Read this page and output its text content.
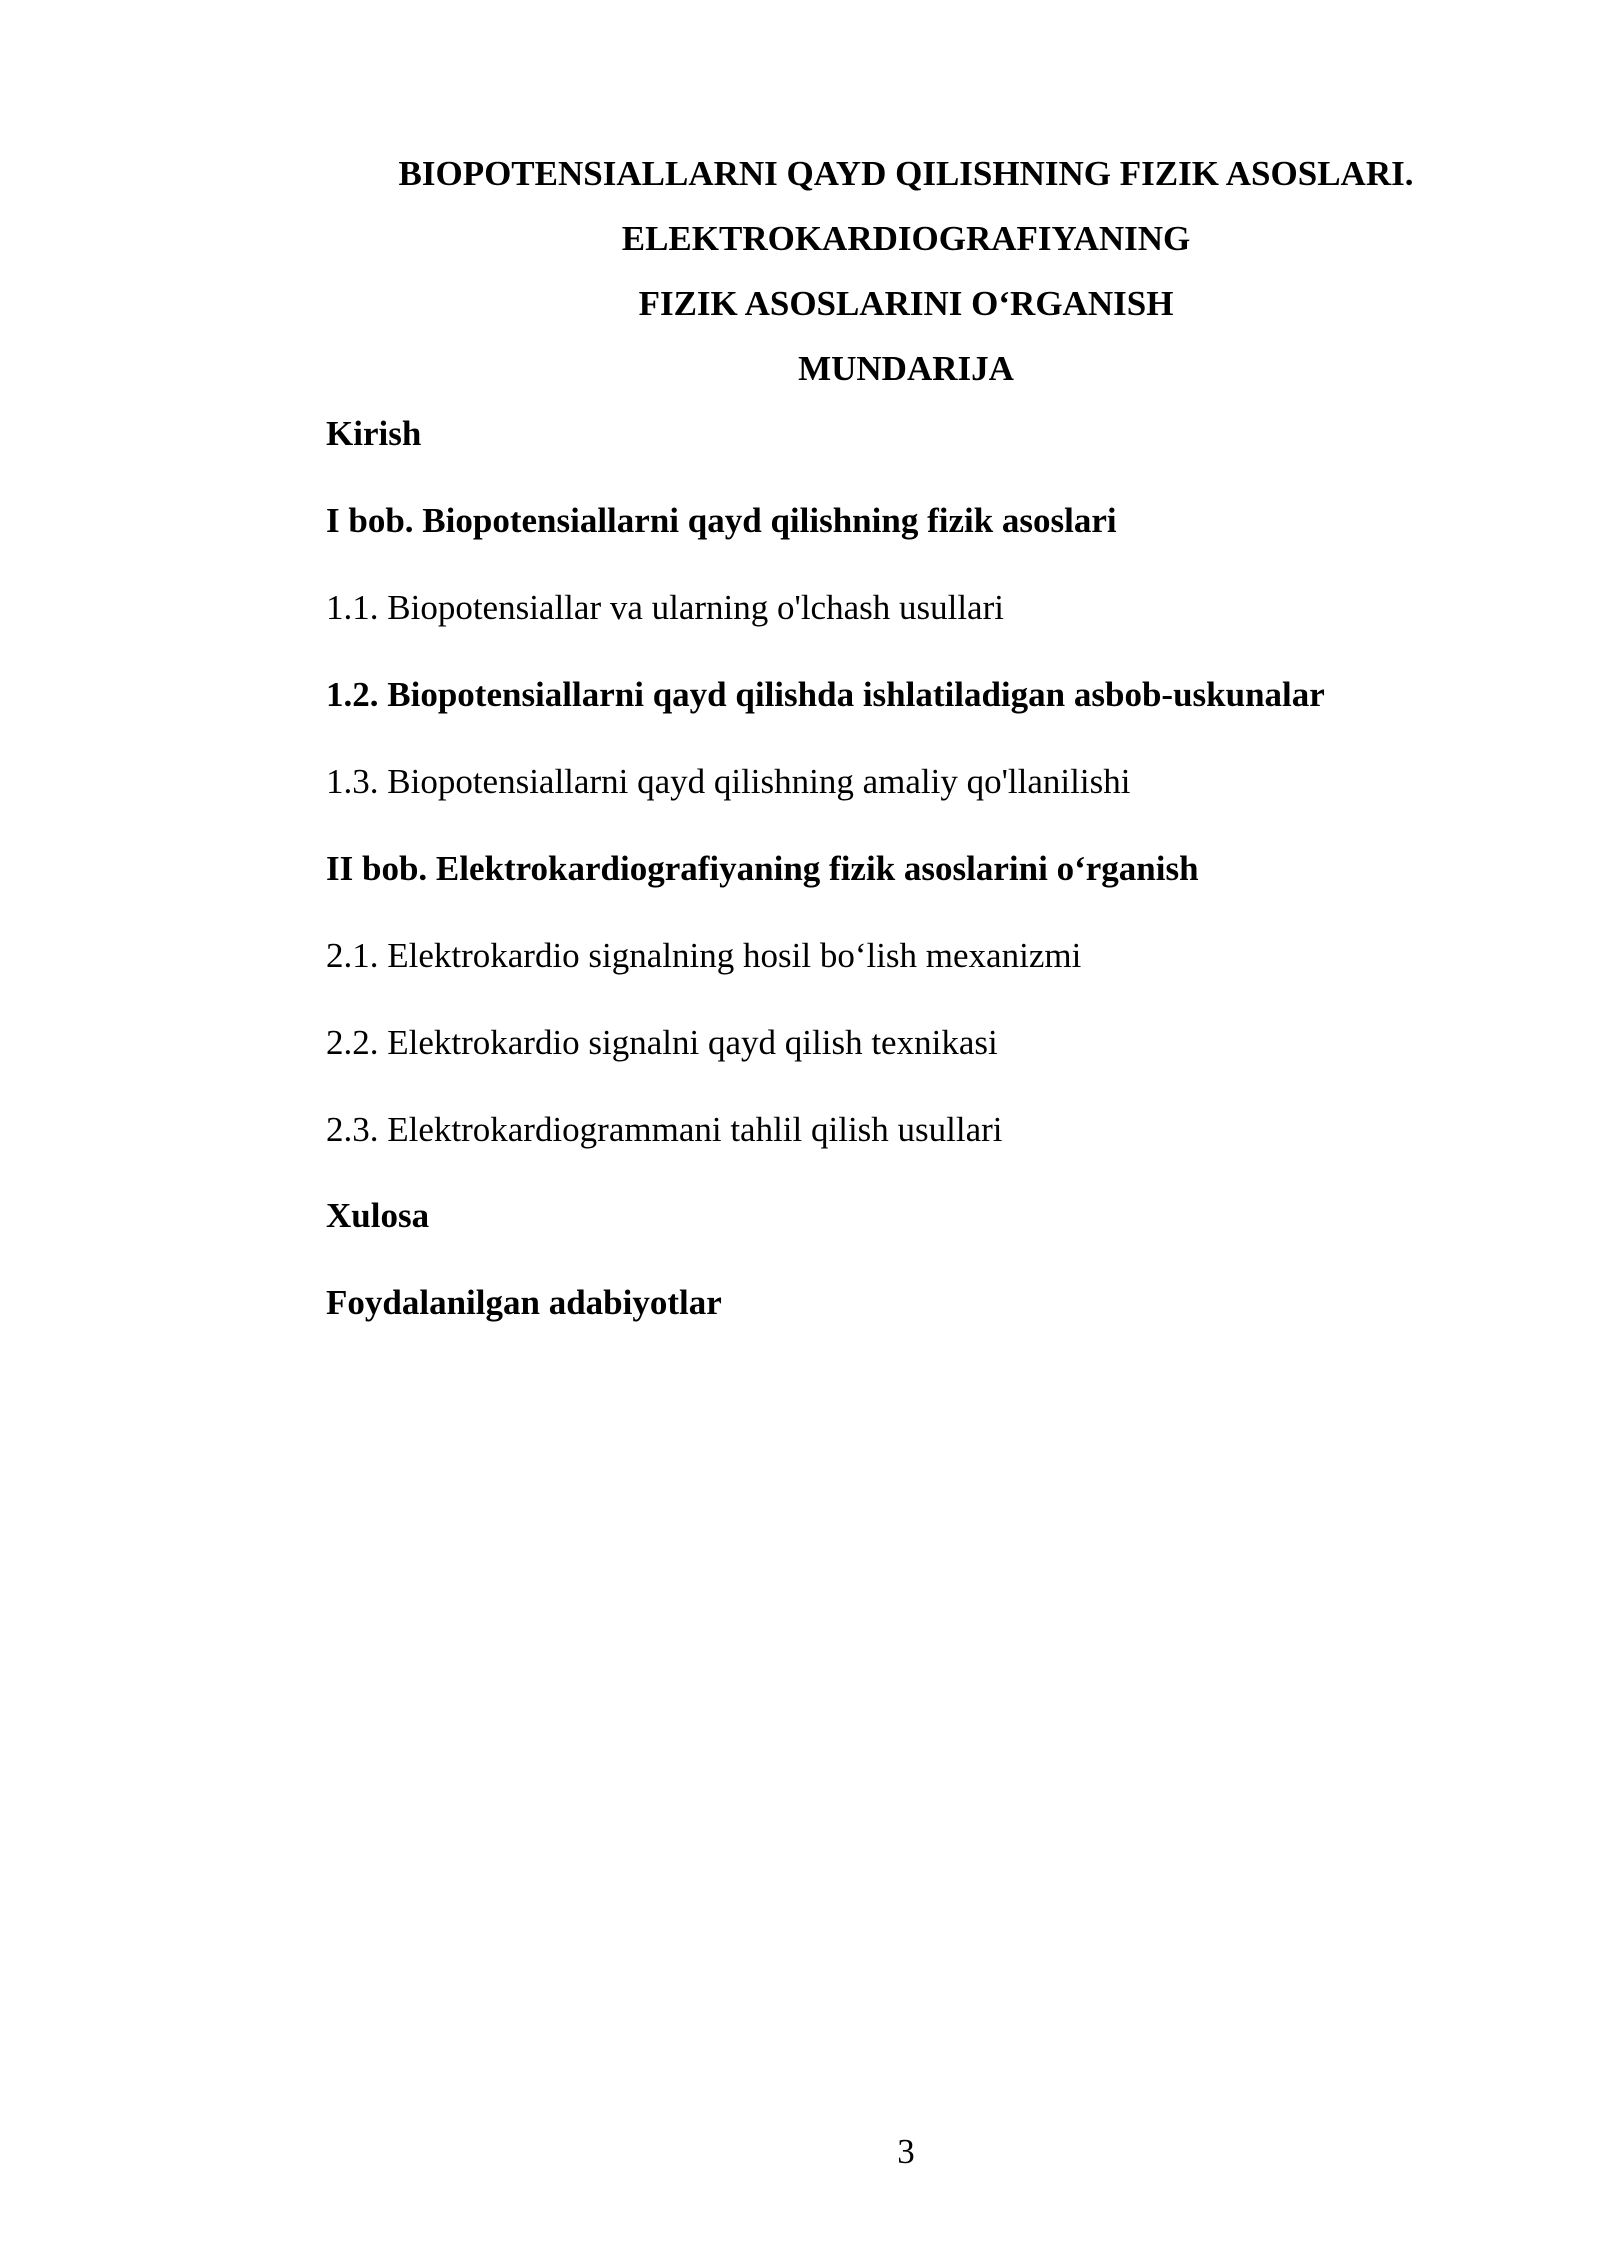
BIOPOTENSIALLARNI QAYD QILISHNING FIZIK ASOSLARI.
ELEKTROKARDIOGRAFIYANING
FIZIK ASOSLARINI O‘RGANISH
MUNDARIJA
Kirish
I bob. Biopotensiallarni qayd qilishning fizik asoslari
1.1. Biopotensiallar va ularning o'lchash usullari
1.2. Biopotensiallarni qayd qilishda ishlatiladigan asbob-uskunalar
1.3. Biopotensiallarni qayd qilishning amaliy qo'llanilishi
II bob. Elektrokardiografiyaning fizik asoslarini o‘rganish
2.1. Elektrokardio signalning hosil bo‘lish mexanizmi
2.2. Elektrokardio signalni qayd qilish texnikasi
2.3. Elektrokardiogrammani tahlil qilish usullari
Xulosa
Foydalanilgan adabiyotlar
3
